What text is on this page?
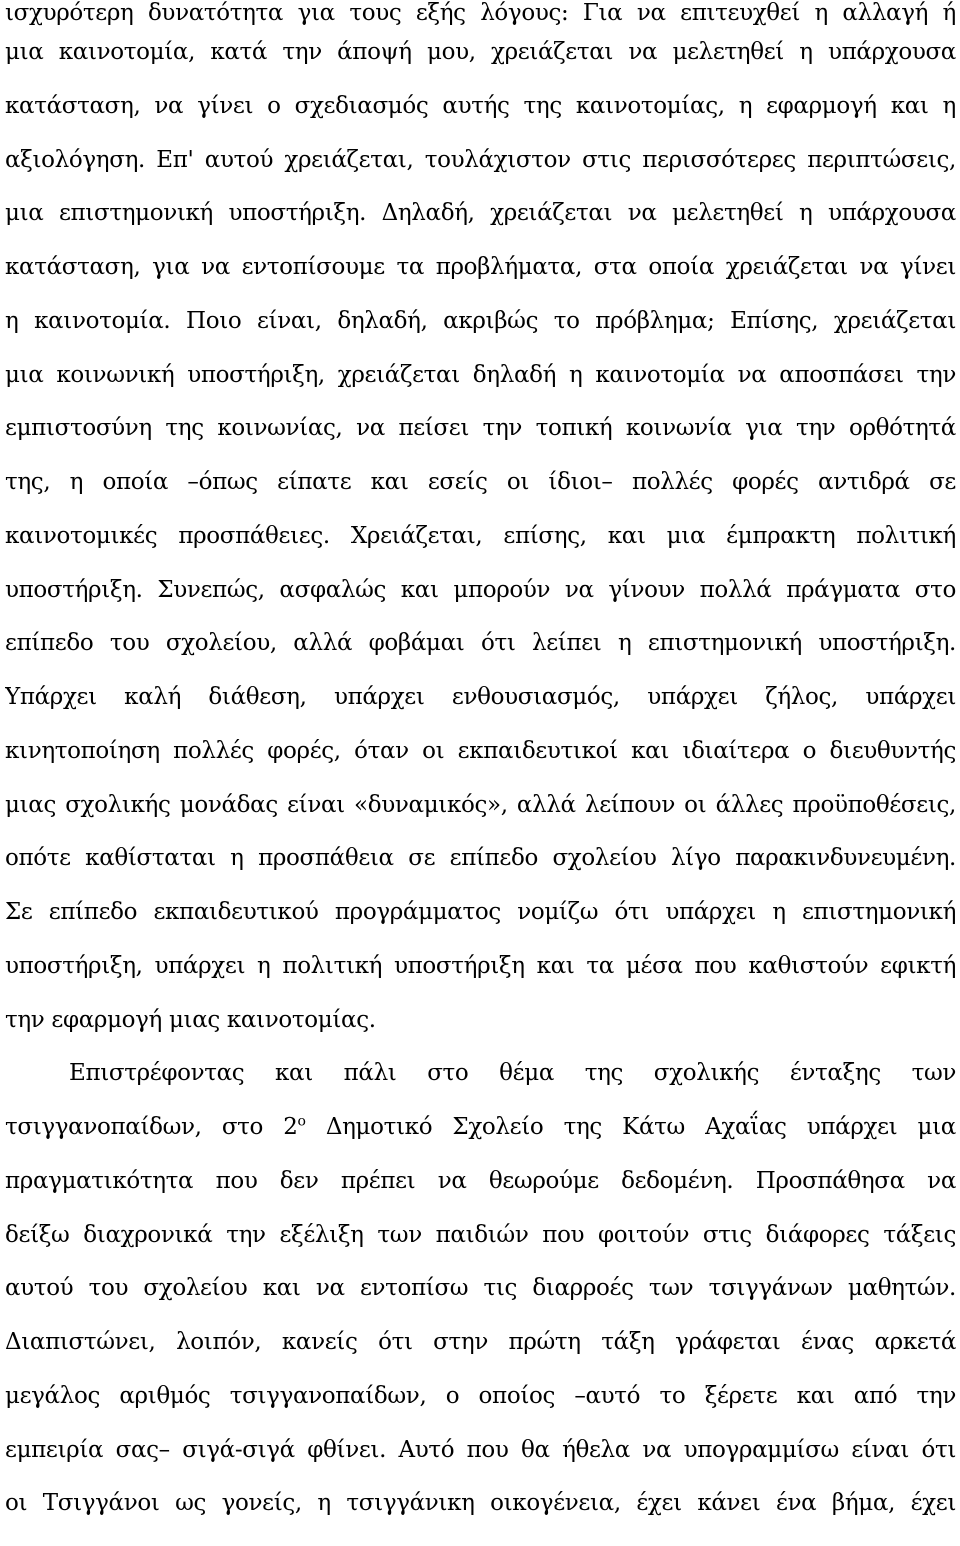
ισχυρότερη δυνατότητα για τους εξής λόγους: Για να επιτευχθεί η αλλαγή ή
μια καινοτομία, κατά την άποψή μου, χρειάζεται να μελετηθεί η υπάρχουσα
κατάσταση, να γίνει ο σχεδιασμός αυτής της καινοτομίας, η εφαρμογή και η
αξιολόγηση. Επ' αυτού χρειάζεται, τουλάχιστον στις περισσότερες περιπτώσεις,
μια επιστημονική υποστήριξη. Δηλαδή, χρειάζεται να μελετηθεί η υπάρχουσα
κατάσταση, για να εντοπίσουμε τα προβλήματα, στα οποία χρειάζεται να γίνει
η καινοτομία. Ποιο είναι, δηλαδή, ακριβώς το πρόβλημα; Επίσης, χρειάζεται
μια κοινωνική υποστήριξη, χρειάζεται δηλαδή η καινοτομία να αποσπάσει την
εμπιστοσύνη της κοινωνίας, να πείσει την τοπική κοινωνία για την ορθότητά
της, η οποία –όπως είπατε και εσείς οι ίδιοι– πολλές φορές αντιδρά σε
καινοτομικές προσπάθειες. Χρειάζεται, επίσης, και μια έμπρακτη πολιτική
υποστήριξη. Συνεπώς, ασφαλώς και μπορούν να γίνουν πολλά πράγματα στο
επίπεδο του σχολείου, αλλά φοβάμαι ότι λείπει η επιστημονική υποστήριξη.
Υπάρχει καλή διάθεση, υπάρχει ενθουσιασμός, υπάρχει ζήλος, υπάρχει
κινητοποίηση πολλές φορές, όταν οι εκπαιδευτικοί και ιδιαίτερα ο διευθυντής
μιας σχολικής μονάδας είναι «δυναμικός», αλλά λείπουν οι άλλες προϋποθέσεις,
οπότε καθίσταται η προσπάθεια σε επίπεδο σχολείου λίγο παρακινδυνευμένη.
Σε επίπεδο εκπαιδευτικού προγράμματος νομίζω ότι υπάρχει η επιστημονική
υποστήριξη, υπάρχει η πολιτική υποστήριξη και τα μέσα που καθιστούν εφικτή
την εφαρμογή μιας καινοτομίας.
Επιστρέφοντας και πάλι στο θέμα της σχολικής ένταξης των
τσιγγανοπαίδων, στο $2^o$ Δημοτικό Σχολείο της Κάτω Αχαΐας υπάρχει μια
πραγματικότητα που δεν πρέπει να θεωρούμε δεδομένη. Προσπάθησα να
δείξω διαχρονικά την εξέλιξη των παιδιών που φοιτούν στις διάφορες τάξεις
αυτού του σχολείου και να εντοπίσω τις διαρροές των τσιγγάνων μαθητών.
Διαπιστώνει, λοιπόν, κανείς ότι στην πρώτη τάξη γράφεται ένας αρκετά
μεγάλος αριθμός τσιγγανοπαίδων, ο οποίος –αυτό το ξέρετε και από την
εμπειρία σας– σιγά-σιγά φθίνει. Αυτό που θα ήθελα να υπογραμμίσω είναι ότι
οι Τσιγγάνοι ως γονείς, η τσιγγάνικη οικογένεια, έχει κάνει ένα βήμα, έχει
